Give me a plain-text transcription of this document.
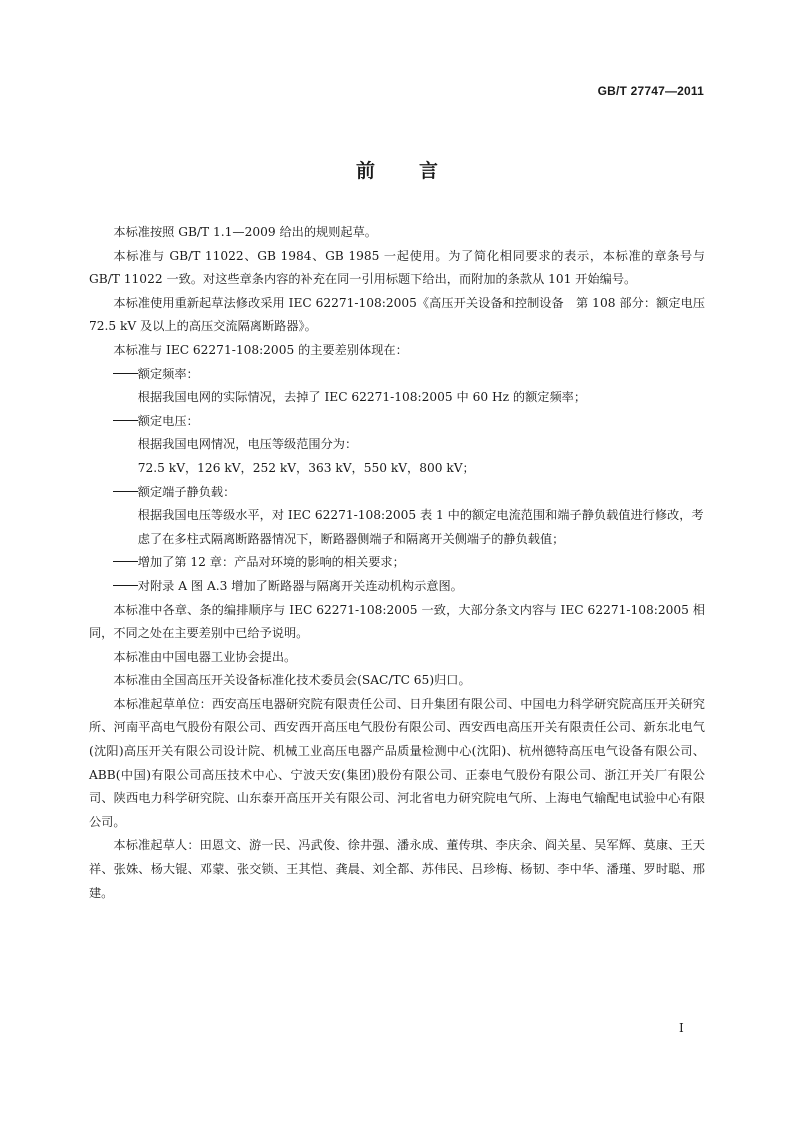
GB/T 27747—2011
前 言

本标准按照 GB/T 1.1—2009 给出的规则起草。

本标准与 GB/T 11022、GB 1984、GB 1985 一起使用。为了简化相同要求的表示，本标准的章条号与 GB/T 11022 一致。对这些章条内容的补充在同一引用标题下给出，而附加的条款从 101 开始编号。

本标准使用重新起草法修改采用 IEC 62271-108:2005《高压开关设备和控制设备　第 108 部分：额定电压 72.5 kV 及以上的高压交流隔离断路器》。

本标准与 IEC 62271-108:2005 的主要差别体现在：

额定频率：

根据我国电网的实际情况，去掉了 IEC 62271-108:2005 中 60 Hz 的额定频率；

额定电压：

根据我国电网情况，电压等级范围分为：

72.5 kV，126 kV，252 kV，363 kV，550 kV，800 kV；

额定端子静负载：

根据我国电压等级水平，对 IEC 62271-108:2005 表 1 中的额定电流范围和端子静负载值进行修改，考虑了在多柱式隔离断路器情况下，断路器侧端子和隔离开关侧端子的静负载值；

增加了第 12 章：产品对环境的影响的相关要求；

对附录 A 图 A.3 增加了断路器与隔离开关连动机构示意图。

本标准中各章、条的编排顺序与 IEC 62271-108:2005 一致，大部分条文内容与 IEC 62271-108:2005 相同，不同之处在主要差别中已给予说明。

本标准由中国电器工业协会提出。

本标准由全国高压开关设备标准化技术委员会(SAC/TC 65)归口。

本标准起草单位：西安高压电器研究院有限责任公司、日升集团有限公司、中国电力科学研究院高压开关研究所、河南平高电气股份有限公司、西安西开高压电气股份有限公司、西安西电高压开关有限责任公司、新东北电气(沈阳)高压开关有限公司设计院、机械工业高压电器产品质量检测中心(沈阳)、杭州德特高压电气设备有限公司、ABB(中国)有限公司高压技术中心、宁波天安(集团)股份有限公司、正泰电气股份有限公司、浙江开关厂有限公司、陕西电力科学研究院、山东泰开高压开关有限公司、河北省电力研究院电气所、上海电气输配电试验中心有限公司。

本标准起草人：田恩文、游一民、冯武俊、徐井强、潘永成、董传琪、李庆余、阎关星、吴军辉、莫康、王天祥、张姝、杨大锟、邓蒙、张交锁、王其恺、龚晨、刘全都、苏伟民、吕珍梅、杨韧、李中华、潘瑾、罗时聪、邢建。

I
